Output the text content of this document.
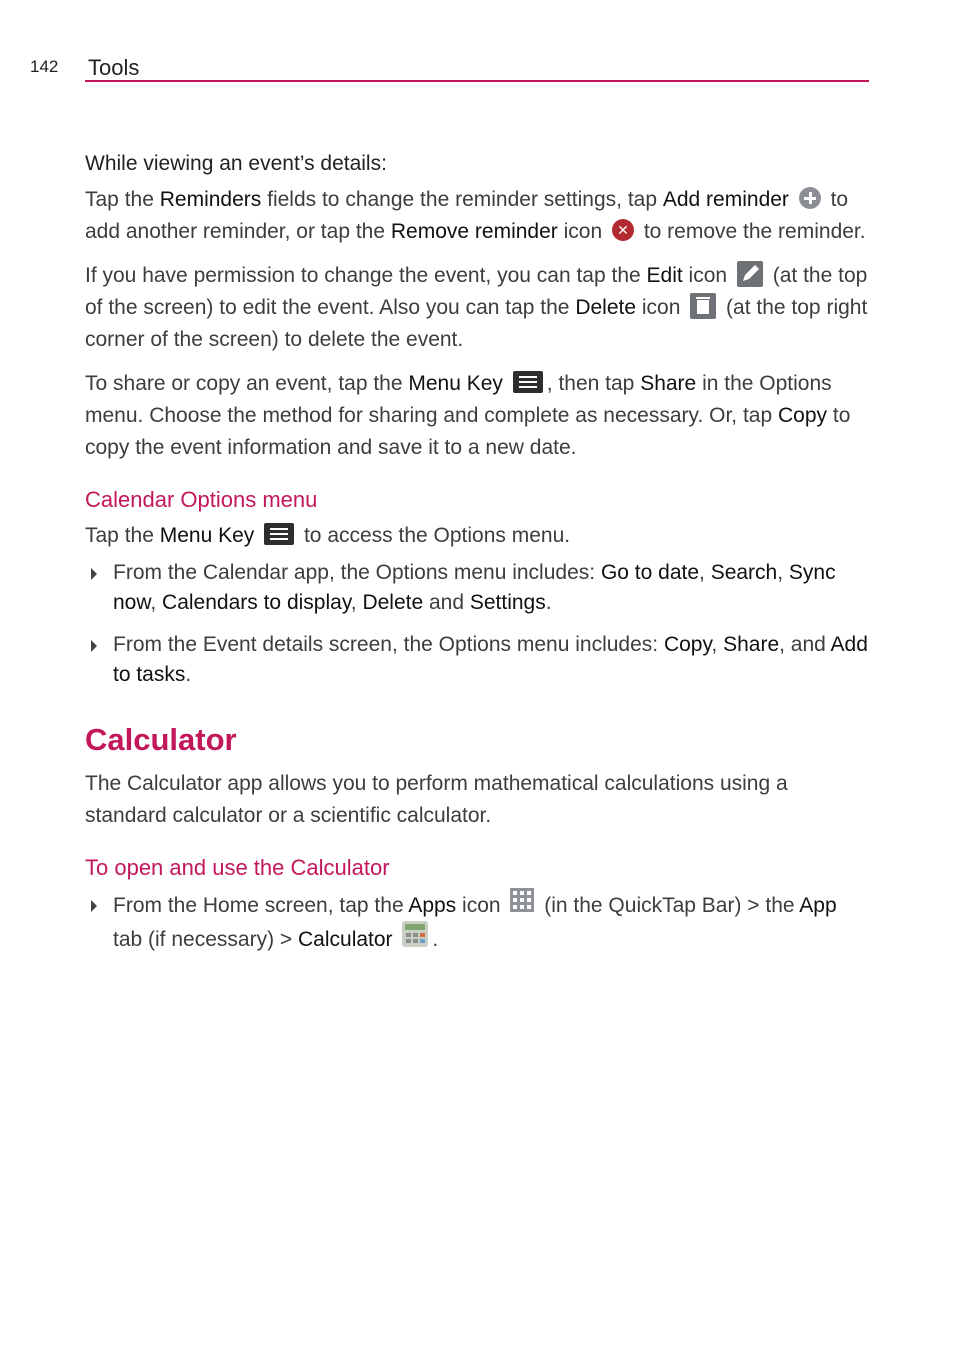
142 Tools
While viewing an event’s details:

Tap the Reminders fields to change the reminder settings, tap Add reminder  to add another reminder, or tap the Remove reminder icon ✕ to remove the reminder.

If you have permission to change the event, you can tap the Edit icon  (at the top of the screen) to edit the event. Also you can tap the Delete icon  (at the top right corner of the screen) to delete the event.

To share or copy an event, tap the Menu Key , then tap Share in the Options menu. Choose the method for sharing and complete as necessary. Or, tap Copy to copy the event information and save it to a new date.

Calendar Options menu

Tap the Menu Key
to access the Options menu.

From the Calendar app, the Options menu includes: Go to date, Search, Sync now, Calendars to display, Delete and Settings.
From the Event details screen, the Options menu includes: Copy, Share, and Add to tasks.
Calculator

The Calculator app allows you to perform mathematical calculations using a standard calculator or a scientific calculator.

To open and use the Calculator
From the Home screen, tap the Apps icon  (in the QuickTap Bar) > the App tab (if necessary) > Calculator .
